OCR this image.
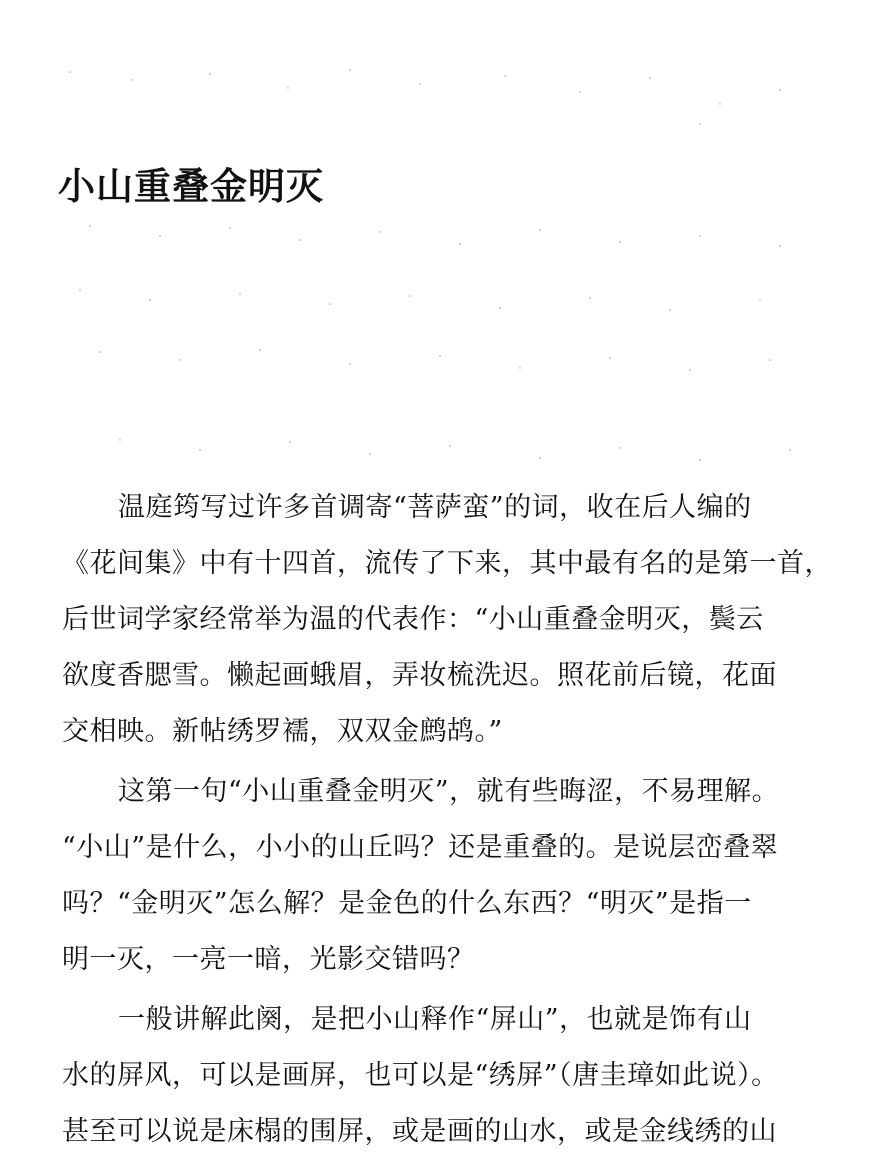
小山重叠金明灭

温庭筠写过许多首调寄“菩萨蛮”的词，收在后人编的

《花间集》中有十四首，流传了下来，其中最有名的是第一首，

后世词学家经常举为温的代表作：“小山重叠金明灭，鬓云

欲度香腮雪。懒起画蛾眉，弄妆梳洗迟。照花前后镜，花面

交相映。新帖绣罗襦，双双金鹧鸪。”

这第一句“小山重叠金明灭”，就有些晦涩，不易理解。

“小山”是什么，小小的山丘吗？还是重叠的。是说层峦叠翠

吗？“金明灭”怎么解？是金色的什么东西？“明灭”是指一

明一灭，一亮一暗，光影交错吗？

一般讲解此阕，是把小山释作“屏山”，也就是饰有山

水的屏风，可以是画屏，也可以是“绣屏”（唐圭璋如此说）。

甚至可以说是床榻的围屏，或是画的山水，或是金线绣的山
